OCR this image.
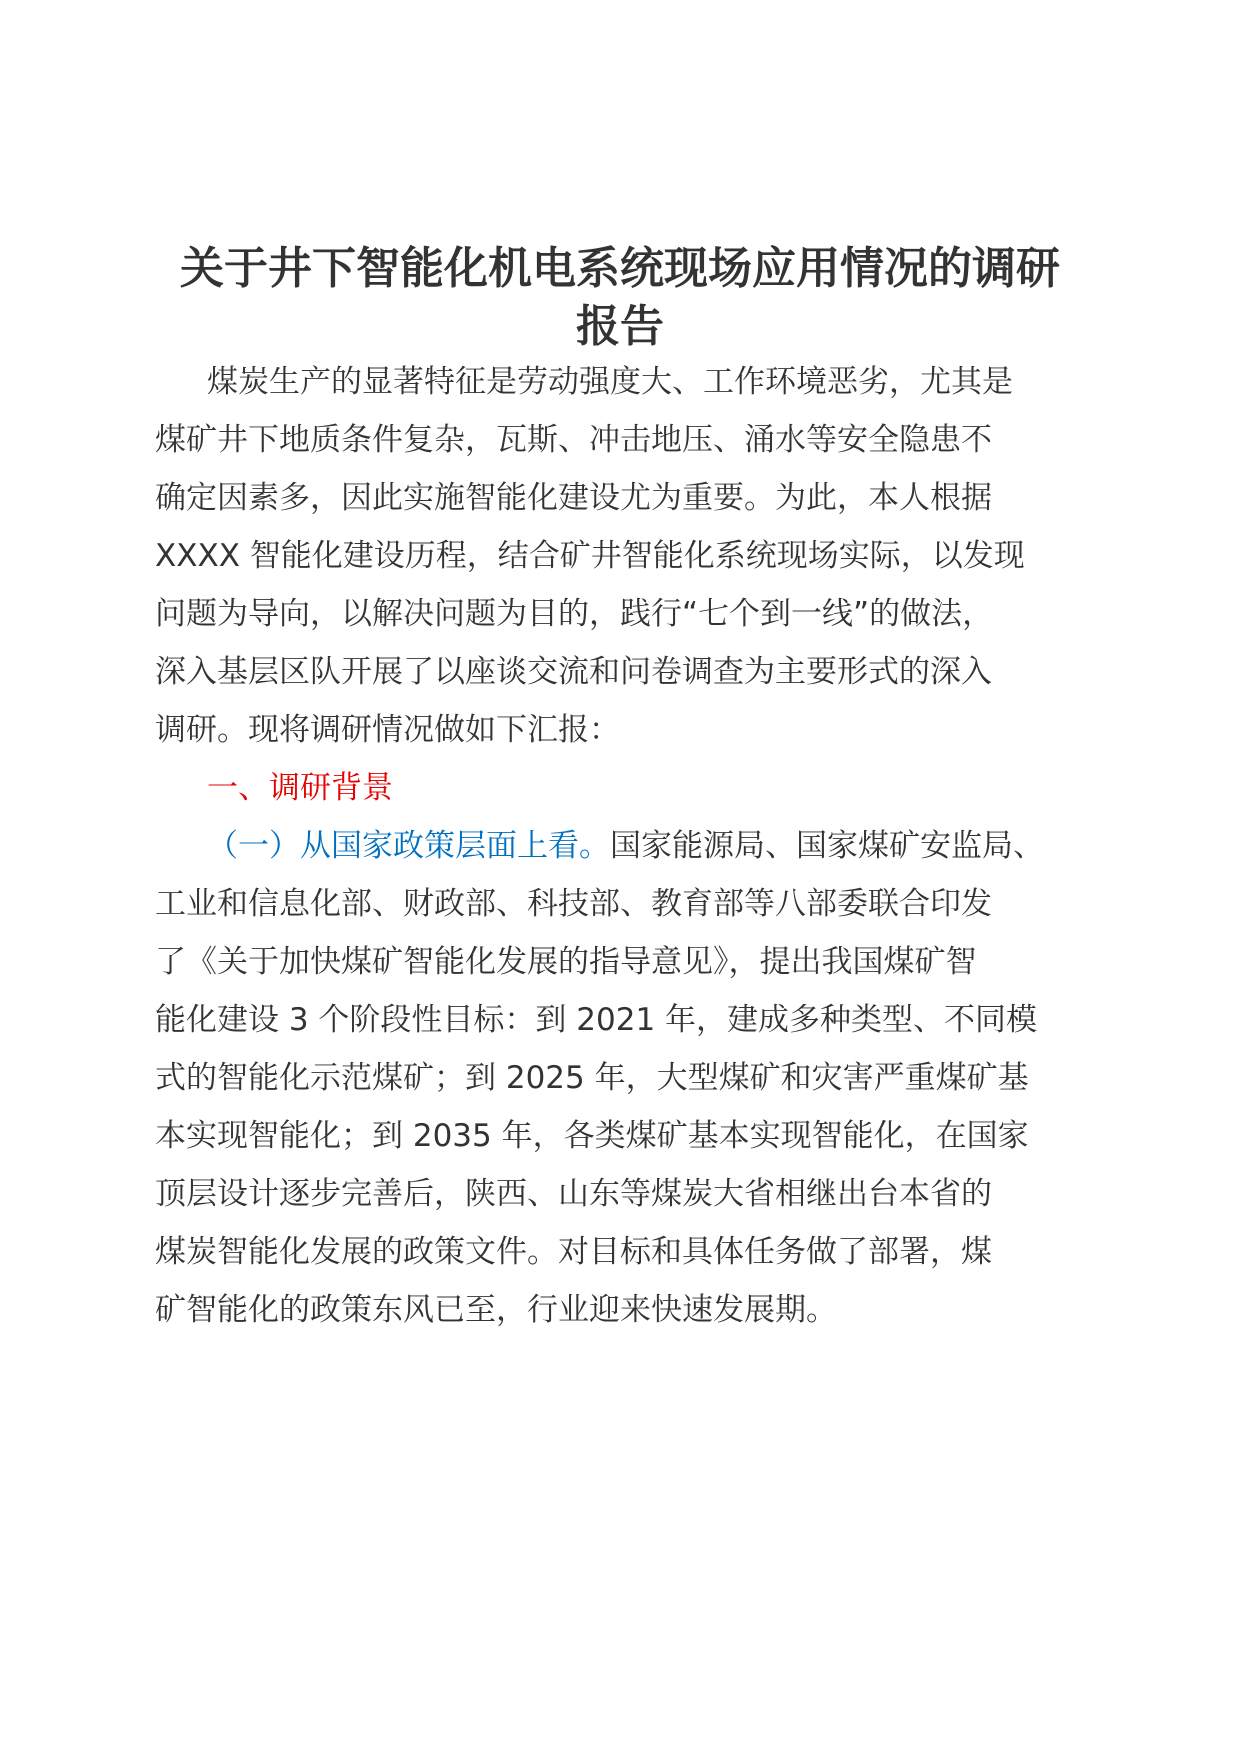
关于井下智能化机电系统现场应用情况的调研
报告
煤炭生产的显著特征是劳动强度大、工作环境恶劣，尤其是
煤矿井下地质条件复杂，瓦斯、冲击地压、涌水等安全隐患不
确定因素多，因此实施智能化建设尤为重要。为此，本人根据
XXXX 智能化建设历程，结合矿井智能化系统现场实际，以发现
问题为导向，以解决问题为目的，践行“七个到一线”的做法，
深入基层区队开展了以座谈交流和问卷调查为主要形式的深入
调研。现将调研情况做如下汇报：
一、调研背景
（一）从国家政策层面上看。国家能源局、国家煤矿安监局、
工业和信息化部、财政部、科技部、教育部等八部委联合印发
了《关于加快煤矿智能化发展的指导意见》，提出我国煤矿智
能化建设 3 个阶段性目标：到 2021 年，建成多种类型、不同模
式的智能化示范煤矿；到 2025 年，大型煤矿和灾害严重煤矿基
本实现智能化；到 2035 年，各类煤矿基本实现智能化，在国家
顶层设计逐步完善后，陕西、山东等煤炭大省相继出台本省的
煤炭智能化发展的政策文件。对目标和具体任务做了部署，煤
矿智能化的政策东风已至，行业迎来快速发展期。
